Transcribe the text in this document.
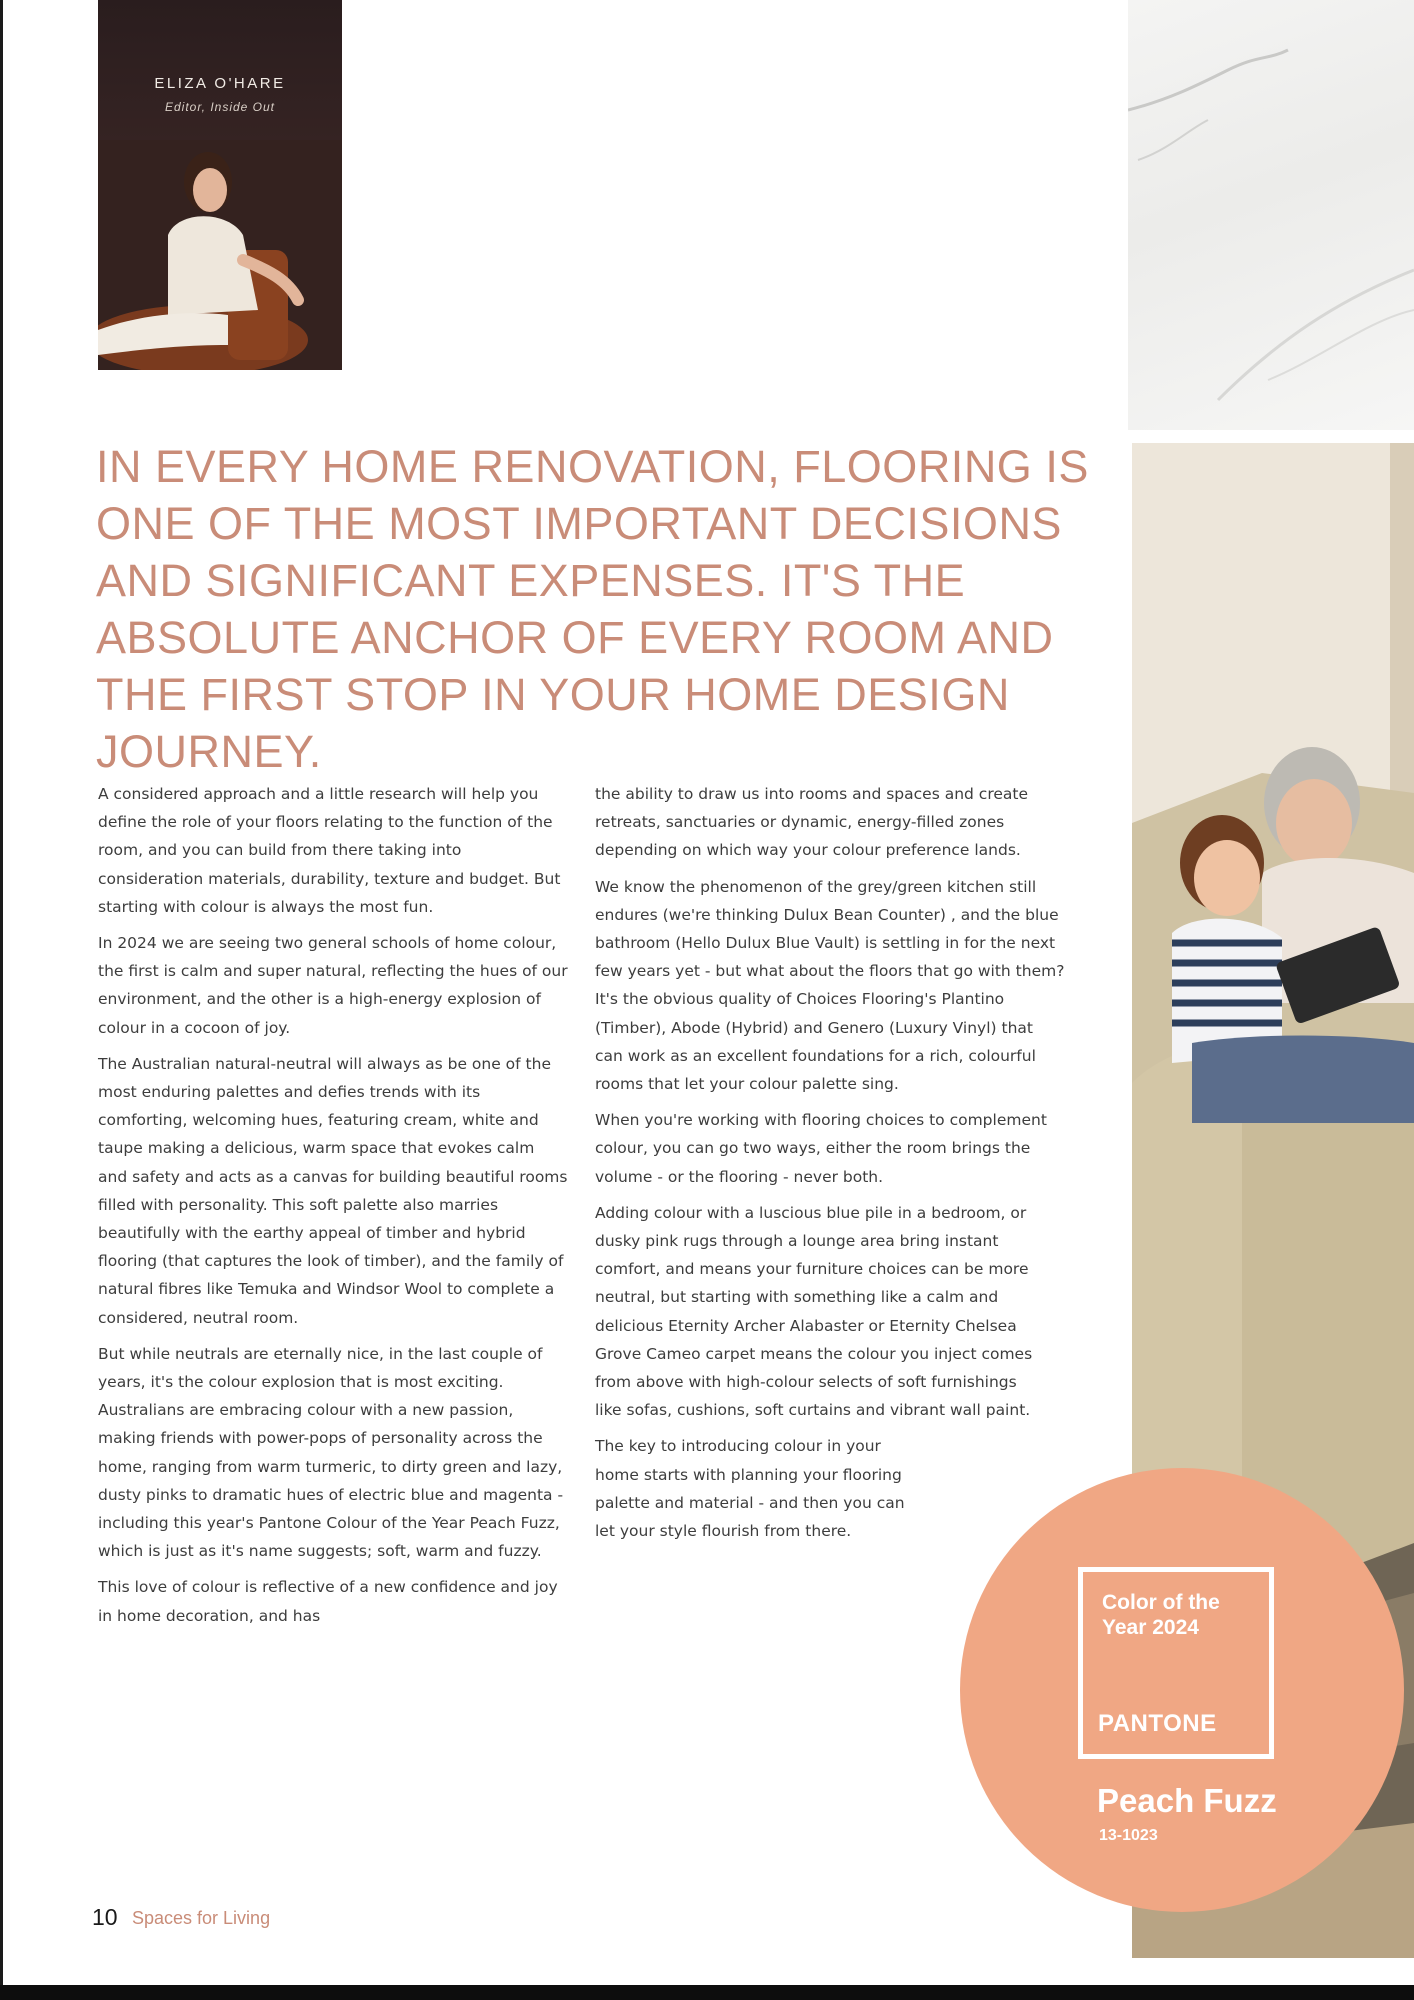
ELIZA O'HARE
Editor, Inside Out
IN EVERY HOME RENOVATION, FLOORING IS ONE OF THE MOST IMPORTANT DECISIONS AND SIGNIFICANT EXPENSES. IT'S THE ABSOLUTE ANCHOR OF EVERY ROOM AND THE FIRST STOP IN YOUR HOME DESIGN JOURNEY.

A considered approach and a little research will help you define the role of your floors relating to the function of the room, and you can build from there taking into consideration materials, durability, texture and budget. But starting with colour is always the most fun.

In 2024 we are seeing two general schools of home colour, the first is calm and super natural, reflecting the hues of our environment, and the other is a high-energy explosion of colour in a cocoon of joy.

The Australian natural-neutral will always as be one of the most enduring palettes and defies trends with its comforting, welcoming hues, featuring cream, white and taupe making a delicious, warm space that evokes calm and safety and acts as a canvas for building beautiful rooms filled with personality. This soft palette also marries beautifully with the earthy appeal of timber and hybrid flooring (that captures the look of timber), and the family of natural fibres like Temuka and Windsor Wool to complete a considered, neutral room.

But while neutrals are eternally nice, in the last couple of years, it's the colour explosion that is most exciting. Australians are embracing colour with a new passion, making friends with power-pops of personality across the home, ranging from warm turmeric, to dirty green and lazy, dusty pinks to dramatic hues of electric blue and magenta - including this year's Pantone Colour of the Year Peach Fuzz, which is just as it's name suggests; soft, warm and fuzzy.

This love of colour is reflective of a new confidence and joy in home decoration, and has

the ability to draw us into rooms and spaces and create retreats, sanctuaries or dynamic, energy-filled zones depending on which way your colour preference lands.

We know the phenomenon of the grey/green kitchen still endures (we're thinking Dulux Bean Counter) , and the blue bathroom (Hello Dulux Blue Vault) is settling in for the next few years yet - but what about the floors that go with them? It's the obvious quality of Choices Flooring's Plantino (Timber), Abode (Hybrid) and Genero (Luxury Vinyl) that can work as an excellent foundations for a rich, colourful rooms that let your colour palette sing.

When you're working with flooring choices to complement colour, you can go two ways, either the room brings the volume - or the flooring - never both.

Adding colour with a luscious blue pile in a bedroom, or dusky pink rugs through a lounge area bring instant comfort, and means your furniture choices can be more neutral, but starting with something like a calm and delicious Eternity Archer Alabaster or Eternity Chelsea Grove Cameo carpet means the colour you inject comes from above with high-colour selects of soft furnishings like sofas, cushions, soft curtains and vibrant wall paint.

The key to introducing colour in your home starts with planning your flooring palette and material - and then you can let your style flourish from there.

Color of the Year 2024
PANTONE
Peach Fuzz
13-1023
10 Spaces for Living
